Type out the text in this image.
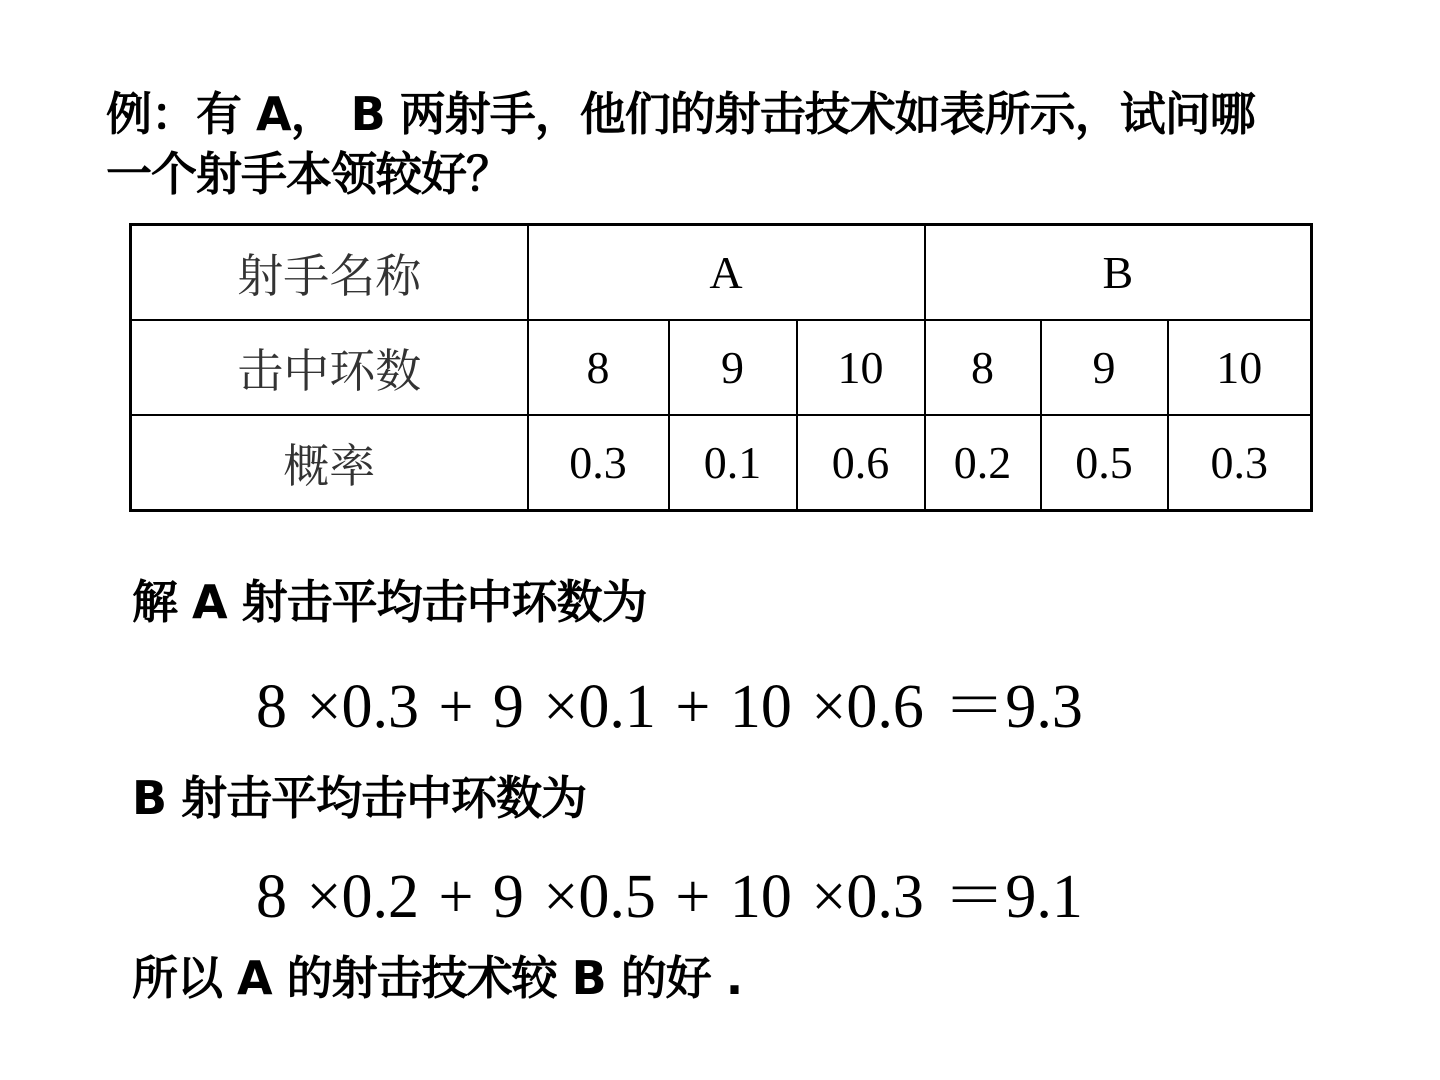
例：有 A， B 两射手，他们的射击技术如表所示，试问哪
一个射手本领较好？
射手名称	A			B		
击中环数	8	9	10	8	9	10
概率	0.3	0.1	0.6	0.2	0.5	0.3
解 A 射击平均击中环数为
8 ×0.3 + 9 ×0.1 + 10 ×0.6 ＝9.3
B 射击平均击中环数为
8 ×0.2 + 9 ×0.5 + 10 ×0.3 ＝9.1
所以 A 的射击技术较 B 的好 .
